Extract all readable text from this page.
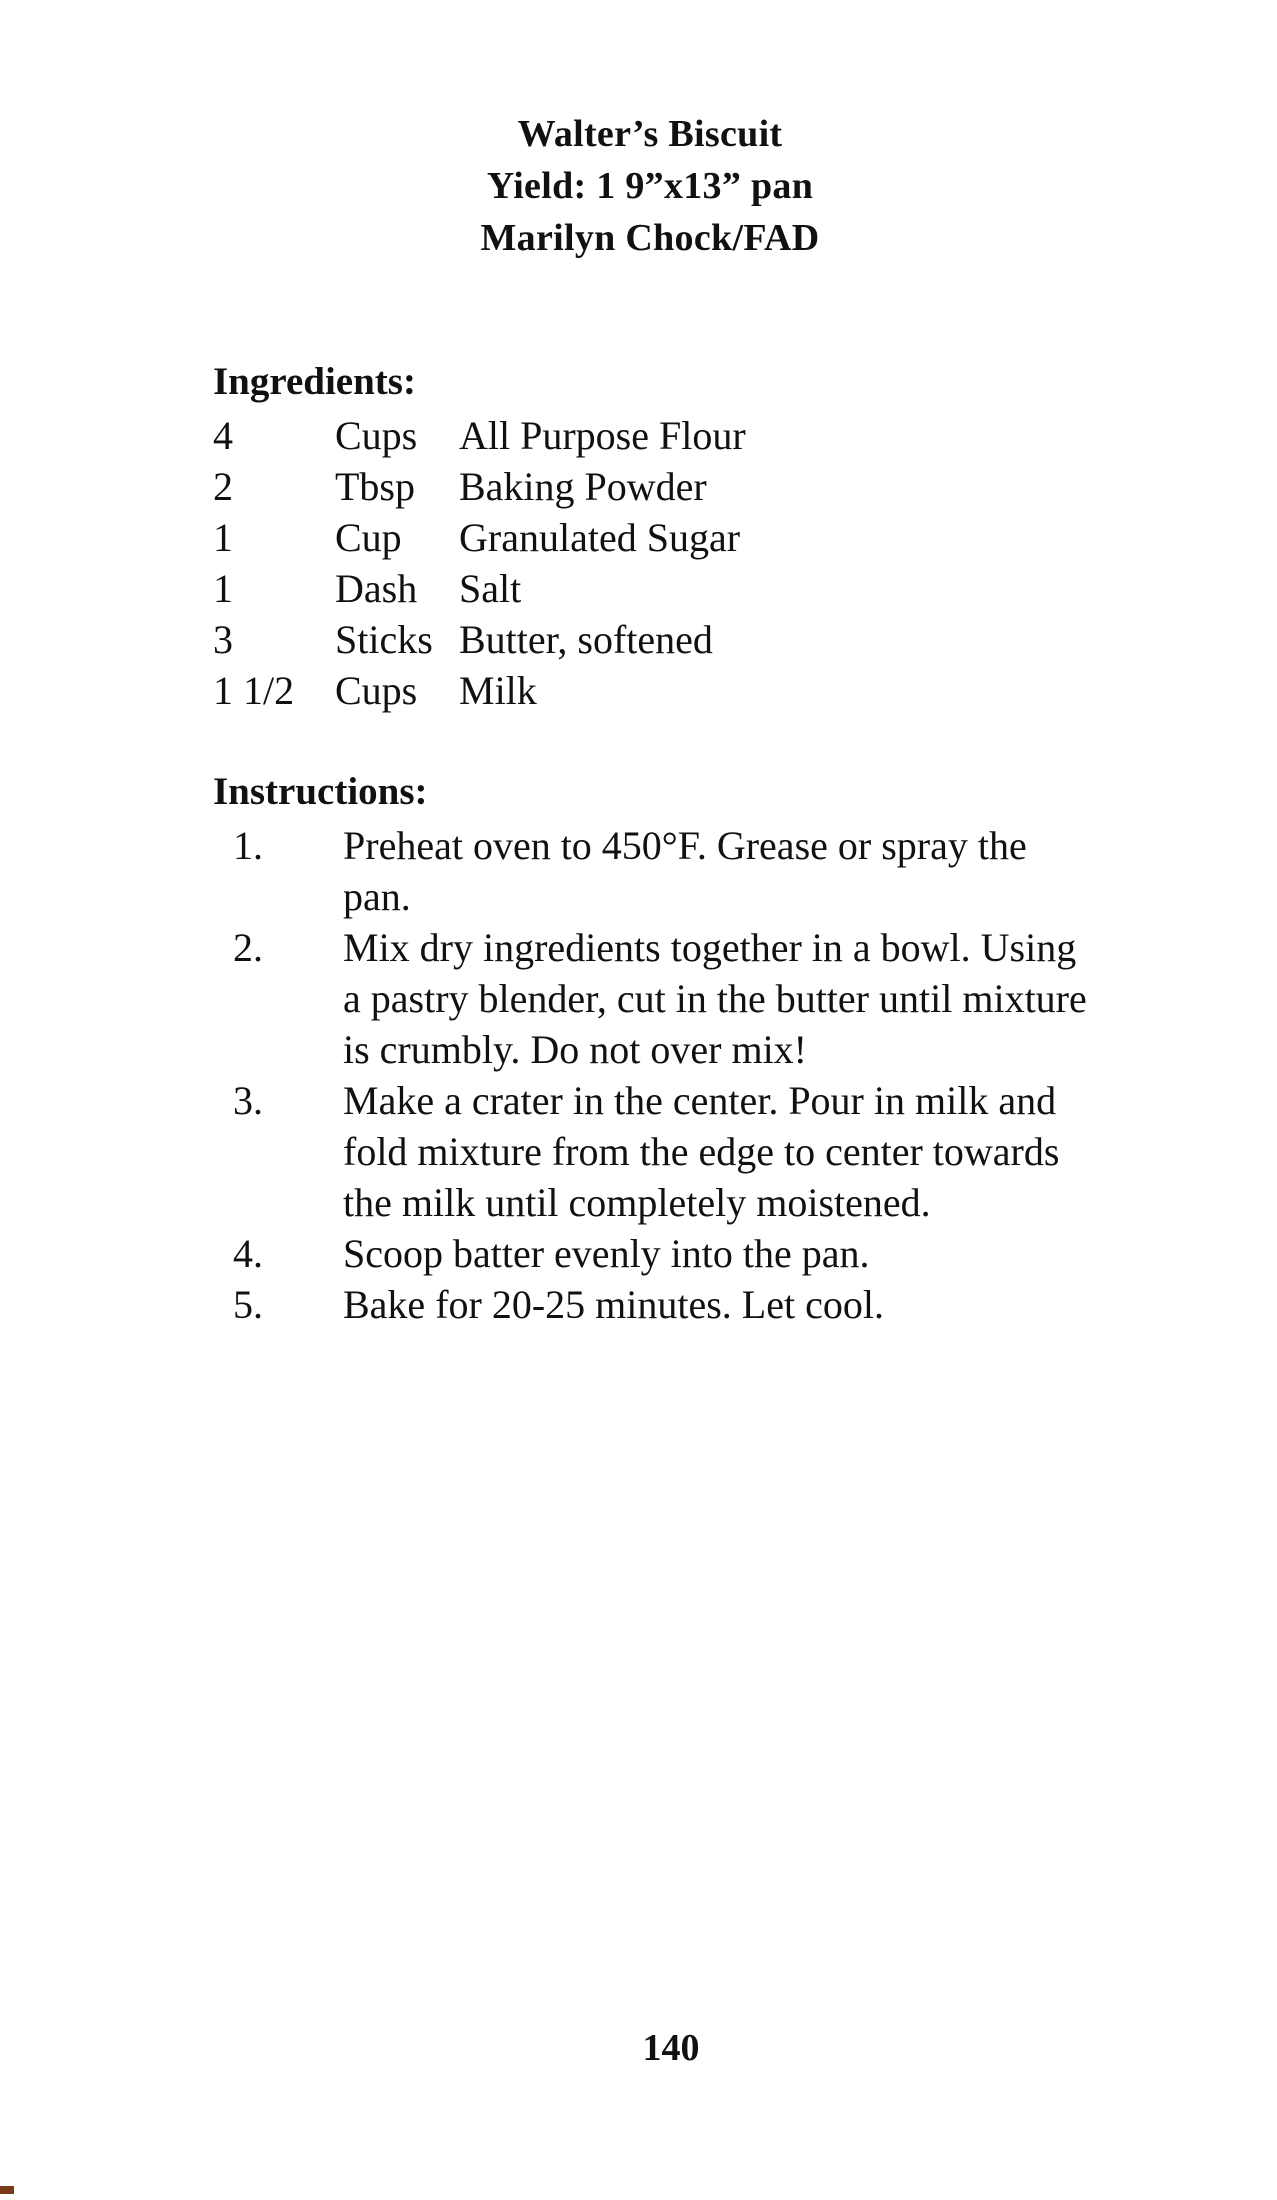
Walter’s Biscuit
Yield: 1 9”x13” pan
Marilyn Chock/FAD
Ingredients:
4	Cups	All Purpose Flour
2	Tbsp	Baking Powder
1	Cup	Granulated Sugar
1	Dash	Salt
3	Sticks Butter, softened
1 1/2	Cups	Milk
Instructions:
1.	Preheat oven to 450°F. Grease or spray the pan.
2.	Mix dry ingredients together in a bowl. Using a pastry blender, cut in the butter until mixture is crumbly. Do not over mix!
3.	Make a crater in the center. Pour in milk and fold mixture from the edge to center towards the milk until completely moistened.
4.	Scoop batter evenly into the pan.
5.	Bake for 20-25 minutes. Let cool.
140
